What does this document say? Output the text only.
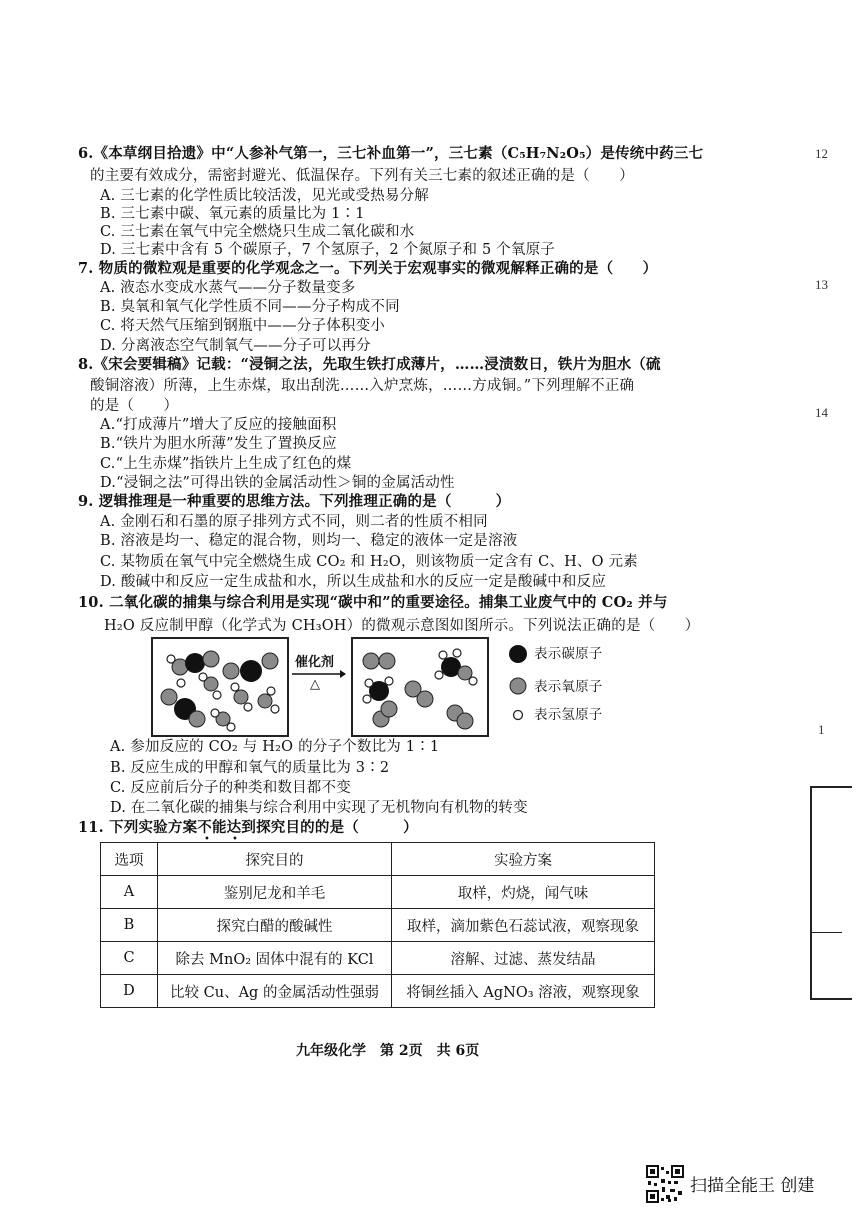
6.《本草纲目拾遗》中“人参补气第一，三七补血第一”，三七素（C₅H₇N₂O₅）是传统中药三七
的主要有效成分，需密封避光、低温保存。下列有关三七素的叙述正确的是（　　）
A. 三七素的化学性质比较活泼，见光或受热易分解
B. 三七素中碳、氧元素的质量比为 1∶1
C. 三七素在氧气中完全燃烧只生成二氧化碳和水
D. 三七素中含有 5 个碳原子，7 个氢原子，2 个氮原子和 5 个氧原子
7. 物质的微粒观是重要的化学观念之一。下列关于宏观事实的微观解释正确的是（　　）
A. 液态水变成水蒸气——分子数量变多
B. 臭氧和氧气化学性质不同——分子构成不同
C. 将天然气压缩到钢瓶中——分子体积变小
D. 分离液态空气制氧气——分子可以再分
8.《宋会要辑稿》记载：“浸铜之法，先取生铁打成薄片，……浸渍数日，铁片为胆水（硫
酸铜溶液）所薄，上生赤煤，取出刮洗……入炉烹炼，……方成铜。”下列理解不正确
的是（　　）
A.“打成薄片”增大了反应的接触面积
B.“铁片为胆水所薄”发生了置换反应
C.“上生赤煤”指铁片上生成了红色的煤
D.“浸铜之法”可得出铁的金属活动性＞铜的金属活动性
9. 逻辑推理是一种重要的思维方法。下列推理正确的是（　　　）
A. 金刚石和石墨的原子排列方式不同，则二者的性质不相同
B. 溶液是均一、稳定的混合物，则均一、稳定的液体一定是溶液
C. 某物质在氧气中完全燃烧生成 CO₂ 和 H₂O，则该物质一定含有 C、H、O 元素
D. 酸碱中和反应一定生成盐和水，所以生成盐和水的反应一定是酸碱中和反应
10. 二氧化碳的捕集与综合利用是实现“碳中和”的重要途径。捕集工业废气中的 CO₂ 并与
H₂O 反应制甲醇（化学式为 CH₃OH）的微观示意图如图所示。下列说法正确的是（　　）
催化剂
△
表示碳原子
表示氧原子
表示氢原子
A. 参加反应的 CO₂ 与 H₂O 的分子个数比为 1∶1
B. 反应生成的甲醇和氧气的质量比为 3∶2
C. 反应前后分子的种类和数目都不变
D. 在二氧化碳的捕集与综合利用中实现了无机物向有机物的转变
11. 下列实验方案不能达到探究目的的是（　　　）
• •
选项	探究目的	实验方案
A	鉴别尼龙和羊毛	取样，灼烧，闻气味
B	探究白醋的酸碱性	取样，滴加紫色石蕊试液，观察现象
C	除去 MnO₂ 固体中混有的 KCl	溶解、过滤、蒸发结晶
D	比较 Cu、Ag 的金属活动性强弱	将铜丝插入 AgNO₃ 溶液，观察现象
九年级化学　第 2页　共 6页
12
13
14
1
扫描全能王 创建
